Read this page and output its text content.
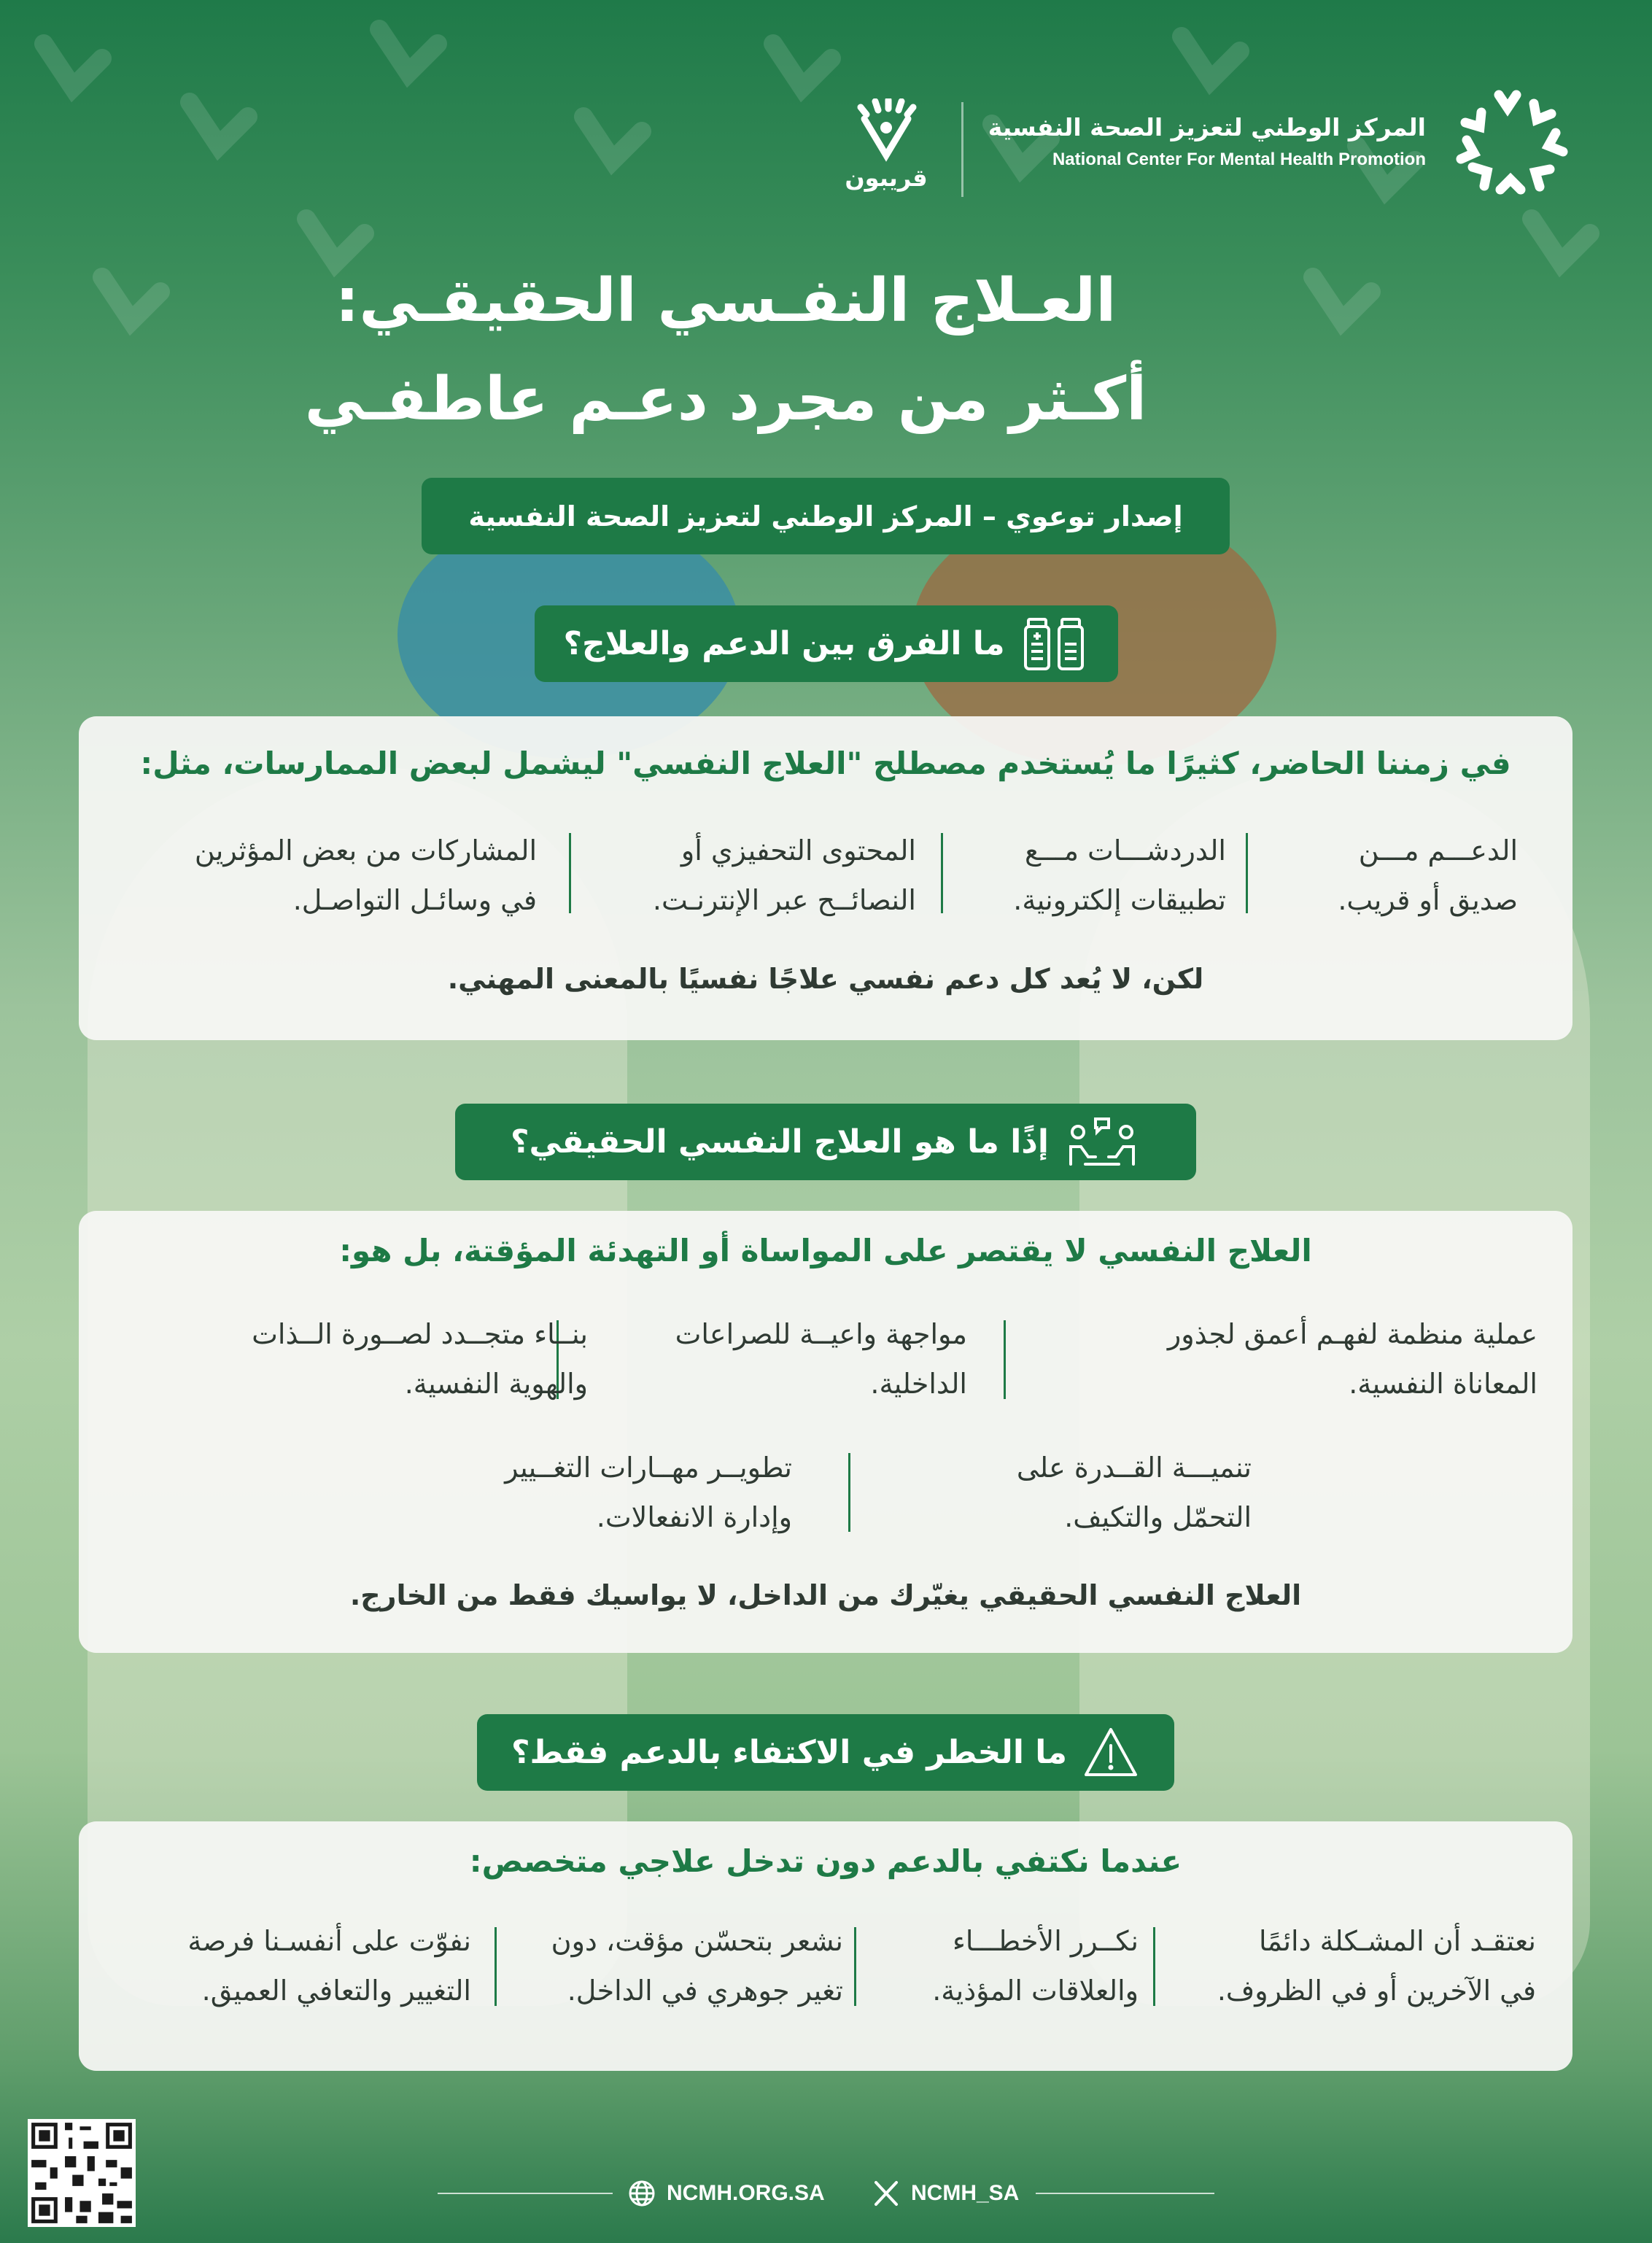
المركز الوطني لتعزيز الصحة النفسية
National Center For Mental Health Promotion
قريبون
العـلاج النفـسي الحقيقـي:
أكـثر من مجرد دعـم عاطفـي
إصدار توعوي – المركز الوطني لتعزيز الصحة النفسية
ما الفرق بين الدعم والعلاج؟
في زمننا الحاضر، كثيرًا ما يُستخدم مصطلح "العلاج النفسي" ليشمل لبعض الممارسات، مثل:
الدعـــم مـــن
صديق أو قريب.
الدردشـــات مـــع
تطبيقات إلكترونية.
المحتوى التحفيزي أو
النصائــح عبر الإنترنـت.
المشاركات من بعض المؤثرين
في وسائـل التواصـل.
لكن، لا يُعد كل دعم نفسي علاجًا نفسيًا بالمعنى المهني.
إذًا ما هو العلاج النفسي الحقيقي؟
العلاج النفسي لا يقتصر على المواساة أو التهدئة المؤقتة، بل هو:
عملية منظمة لفهـم أعمق لجذور
المعاناة النفسية.
مواجهة واعيــة للصراعات
الداخلية.
بنــاء متجــدد لصــورة الــذات
والهوية النفسية.
تنميـــة القــدرة على
التحمّل والتكيف.
تطويــر مهــارات التغــيير
وإدارة الانفعالات.
العلاج النفسي الحقيقي يغيّرك من الداخل، لا يواسيك فقط من الخارج.
ما الخطر في الاكتفاء بالدعم فقط؟
عندما نكتفي بالدعم دون تدخل علاجي متخصص:
نعتقـد أن المشـكلة دائمًا
في الآخرين أو في الظروف.
نكــرر الأخطـــاء
والعلاقات المؤذية.
نشعر بتحسّن مؤقت، دون
تغير جوهري في الداخل.
نفوّت على أنفسـنا فرصة
التغيير والتعافي العميق.
NCMH.ORG.SA	NCMH_SA
